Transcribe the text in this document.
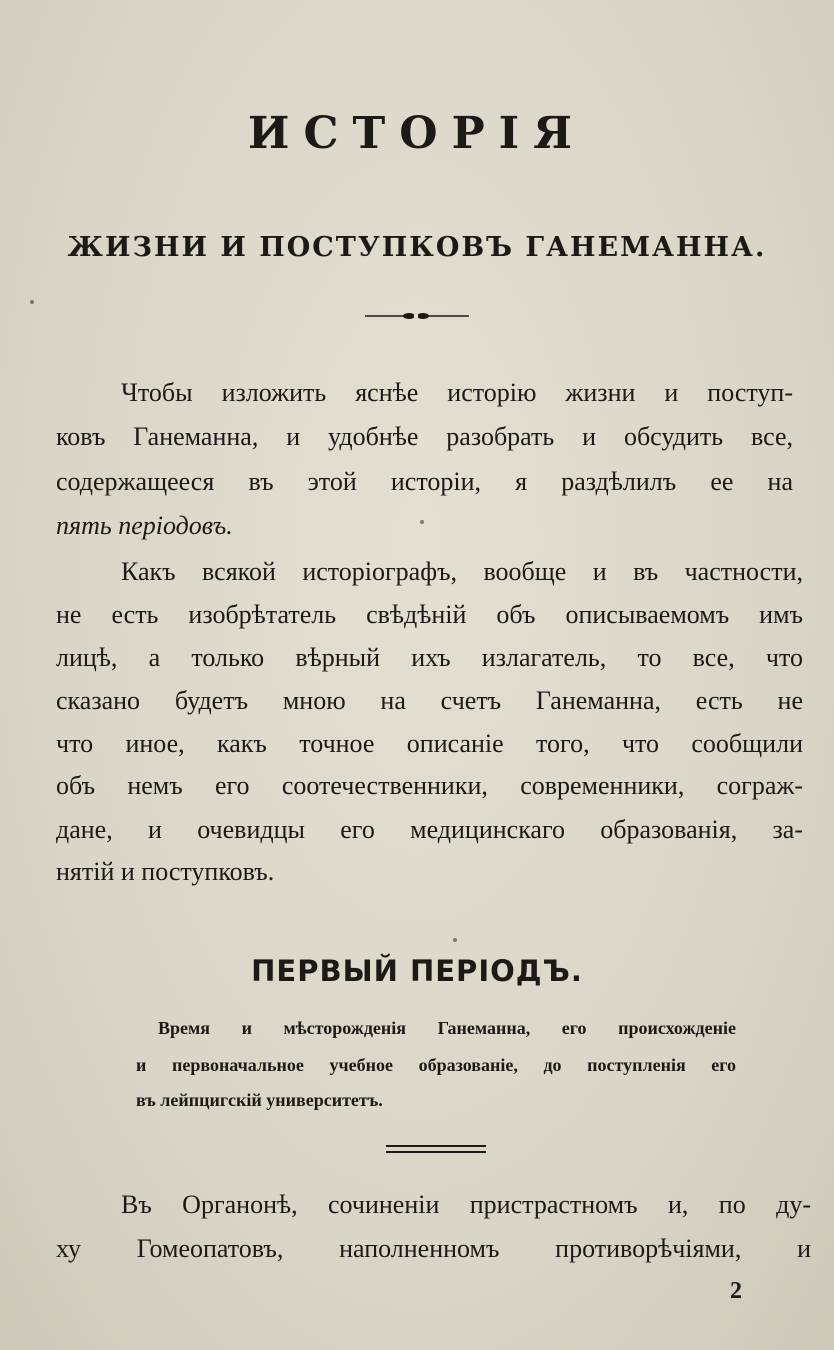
ИСТОРІЯ
ЖИЗНИ И ПОСТУПКОВЪ ГАНЕМАННА.
Чтобы изложить яснѣе исторію жизни и поступ-
ковъ Ганеманна, и удобнѣе разобрать и обсудить все,
содержащееся въ этой исторіи, я раздѣлилъ ее на
пять періодовъ.
Какъ всякой исторіографъ, вообще и въ частности,
не есть изобрѣтатель свѣдѣній объ описываемомъ имъ
лицѣ, а только вѣрный ихъ излагатель, то все, что
сказано будетъ мною на счетъ Ганеманна, есть не
что иное, какъ точное описаніе того, что сообщили
объ немъ его соотечественники, современники, сограж-
дане, и очевидцы его медицинскаго образованія, за-
нятій и поступковъ.
ПЕРВЫЙ ПЕРІОДЪ.
Время и мѣсторожденія Ганеманна, его происхожденіе
и первоначальное учебное образованіе, до поступленія его
въ лейпцигскій университетъ.
Въ Органонѣ, сочиненіи пристрастномъ и, по ду-
ху Гомеопатовъ, наполненномъ противорѣчіями, и
2
